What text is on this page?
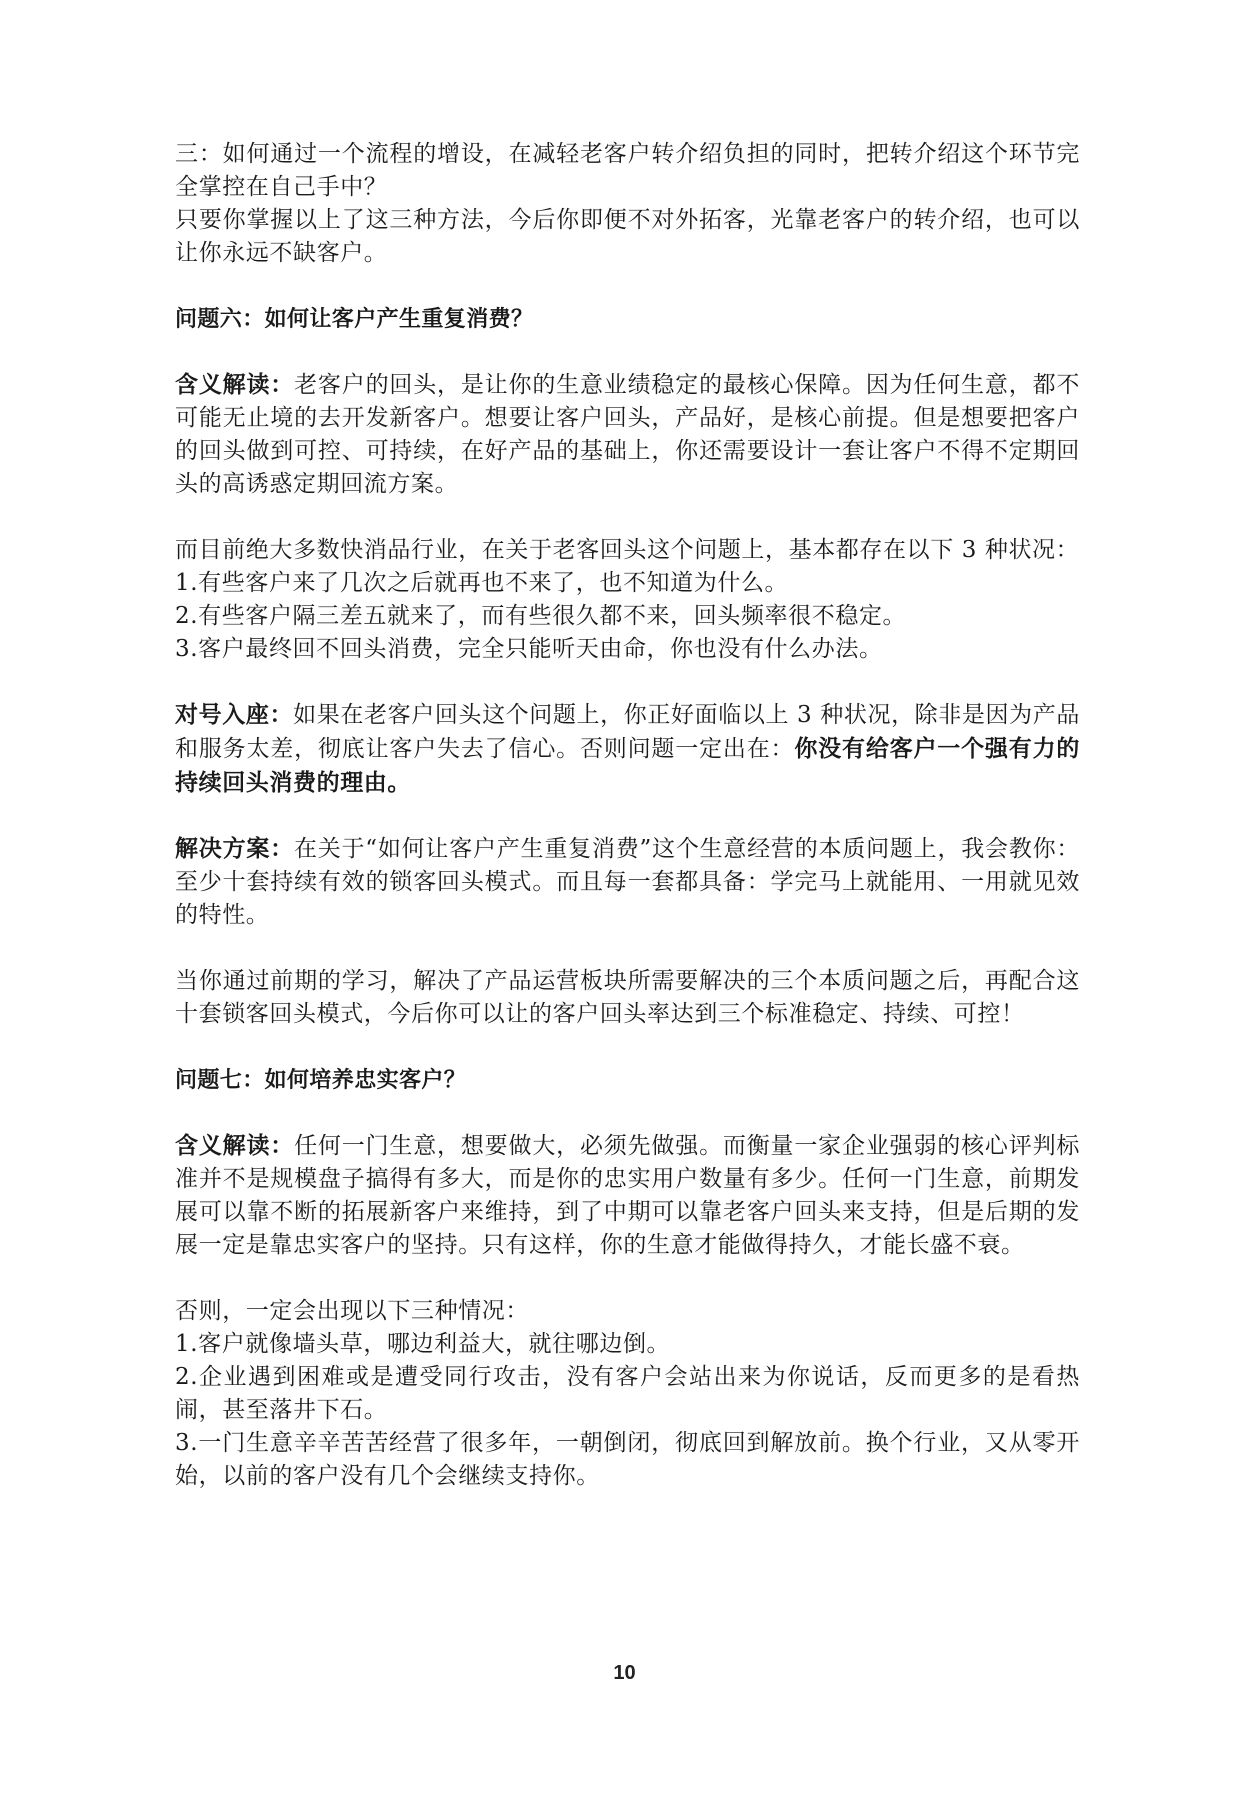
三：如何通过一个流程的增设，在减轻老客户转介绍负担的同时，把转介绍这个环节完全掌控在自己手中？

只要你掌握以上了这三种方法，今后你即便不对外拓客，光靠老客户的转介绍，也可以让你永远不缺客户。

问题六：如何让客户产生重复消费？

含义解读：老客户的回头，是让你的生意业绩稳定的最核心保障。因为任何生意，都不可能无止境的去开发新客户。想要让客户回头，产品好，是核心前提。但是想要把客户的回头做到可控、可持续，在好产品的基础上，你还需要设计一套让客户不得不定期回头的高诱惑定期回流方案。

而目前绝大多数快消品行业，在关于老客回头这个问题上，基本都存在以下 3 种状况：

1.有些客户来了几次之后就再也不来了，也不知道为什么。

2.有些客户隔三差五就来了，而有些很久都不来，回头频率很不稳定。

3.客户最终回不回头消费，完全只能听天由命，你也没有什么办法。

对号入座：如果在老客户回头这个问题上，你正好面临以上 3 种状况，除非是因为产品和服务太差，彻底让客户失去了信心。否则问题一定出在：你没有给客户一个强有力的持续回头消费的理由。

解决方案：在关于“如何让客户产生重复消费”这个生意经营的本质问题上，我会教你：至少十套持续有效的锁客回头模式。而且每一套都具备：学完马上就能用、一用就见效的特性。

当你通过前期的学习，解决了产品运营板块所需要解决的三个本质问题之后，再配合这十套锁客回头模式，今后你可以让的客户回头率达到三个标准稳定、持续、可控！

问题七：如何培养忠实客户？

含义解读：任何一门生意，想要做大，必须先做强。而衡量一家企业强弱的核心评判标准并不是规模盘子搞得有多大，而是你的忠实用户数量有多少。任何一门生意，前期发展可以靠不断的拓展新客户来维持，到了中期可以靠老客户回头来支持，但是后期的发展一定是靠忠实客户的坚持。只有这样，你的生意才能做得持久，才能长盛不衰。

否则，一定会出现以下三种情况：

1.客户就像墙头草，哪边利益大，就往哪边倒。

2.企业遇到困难或是遭受同行攻击，没有客户会站出来为你说话，反而更多的是看热闹，甚至落井下石。

3.一门生意辛辛苦苦经营了很多年，一朝倒闭，彻底回到解放前。换个行业，又从零开始，以前的客户没有几个会继续支持你。

10
